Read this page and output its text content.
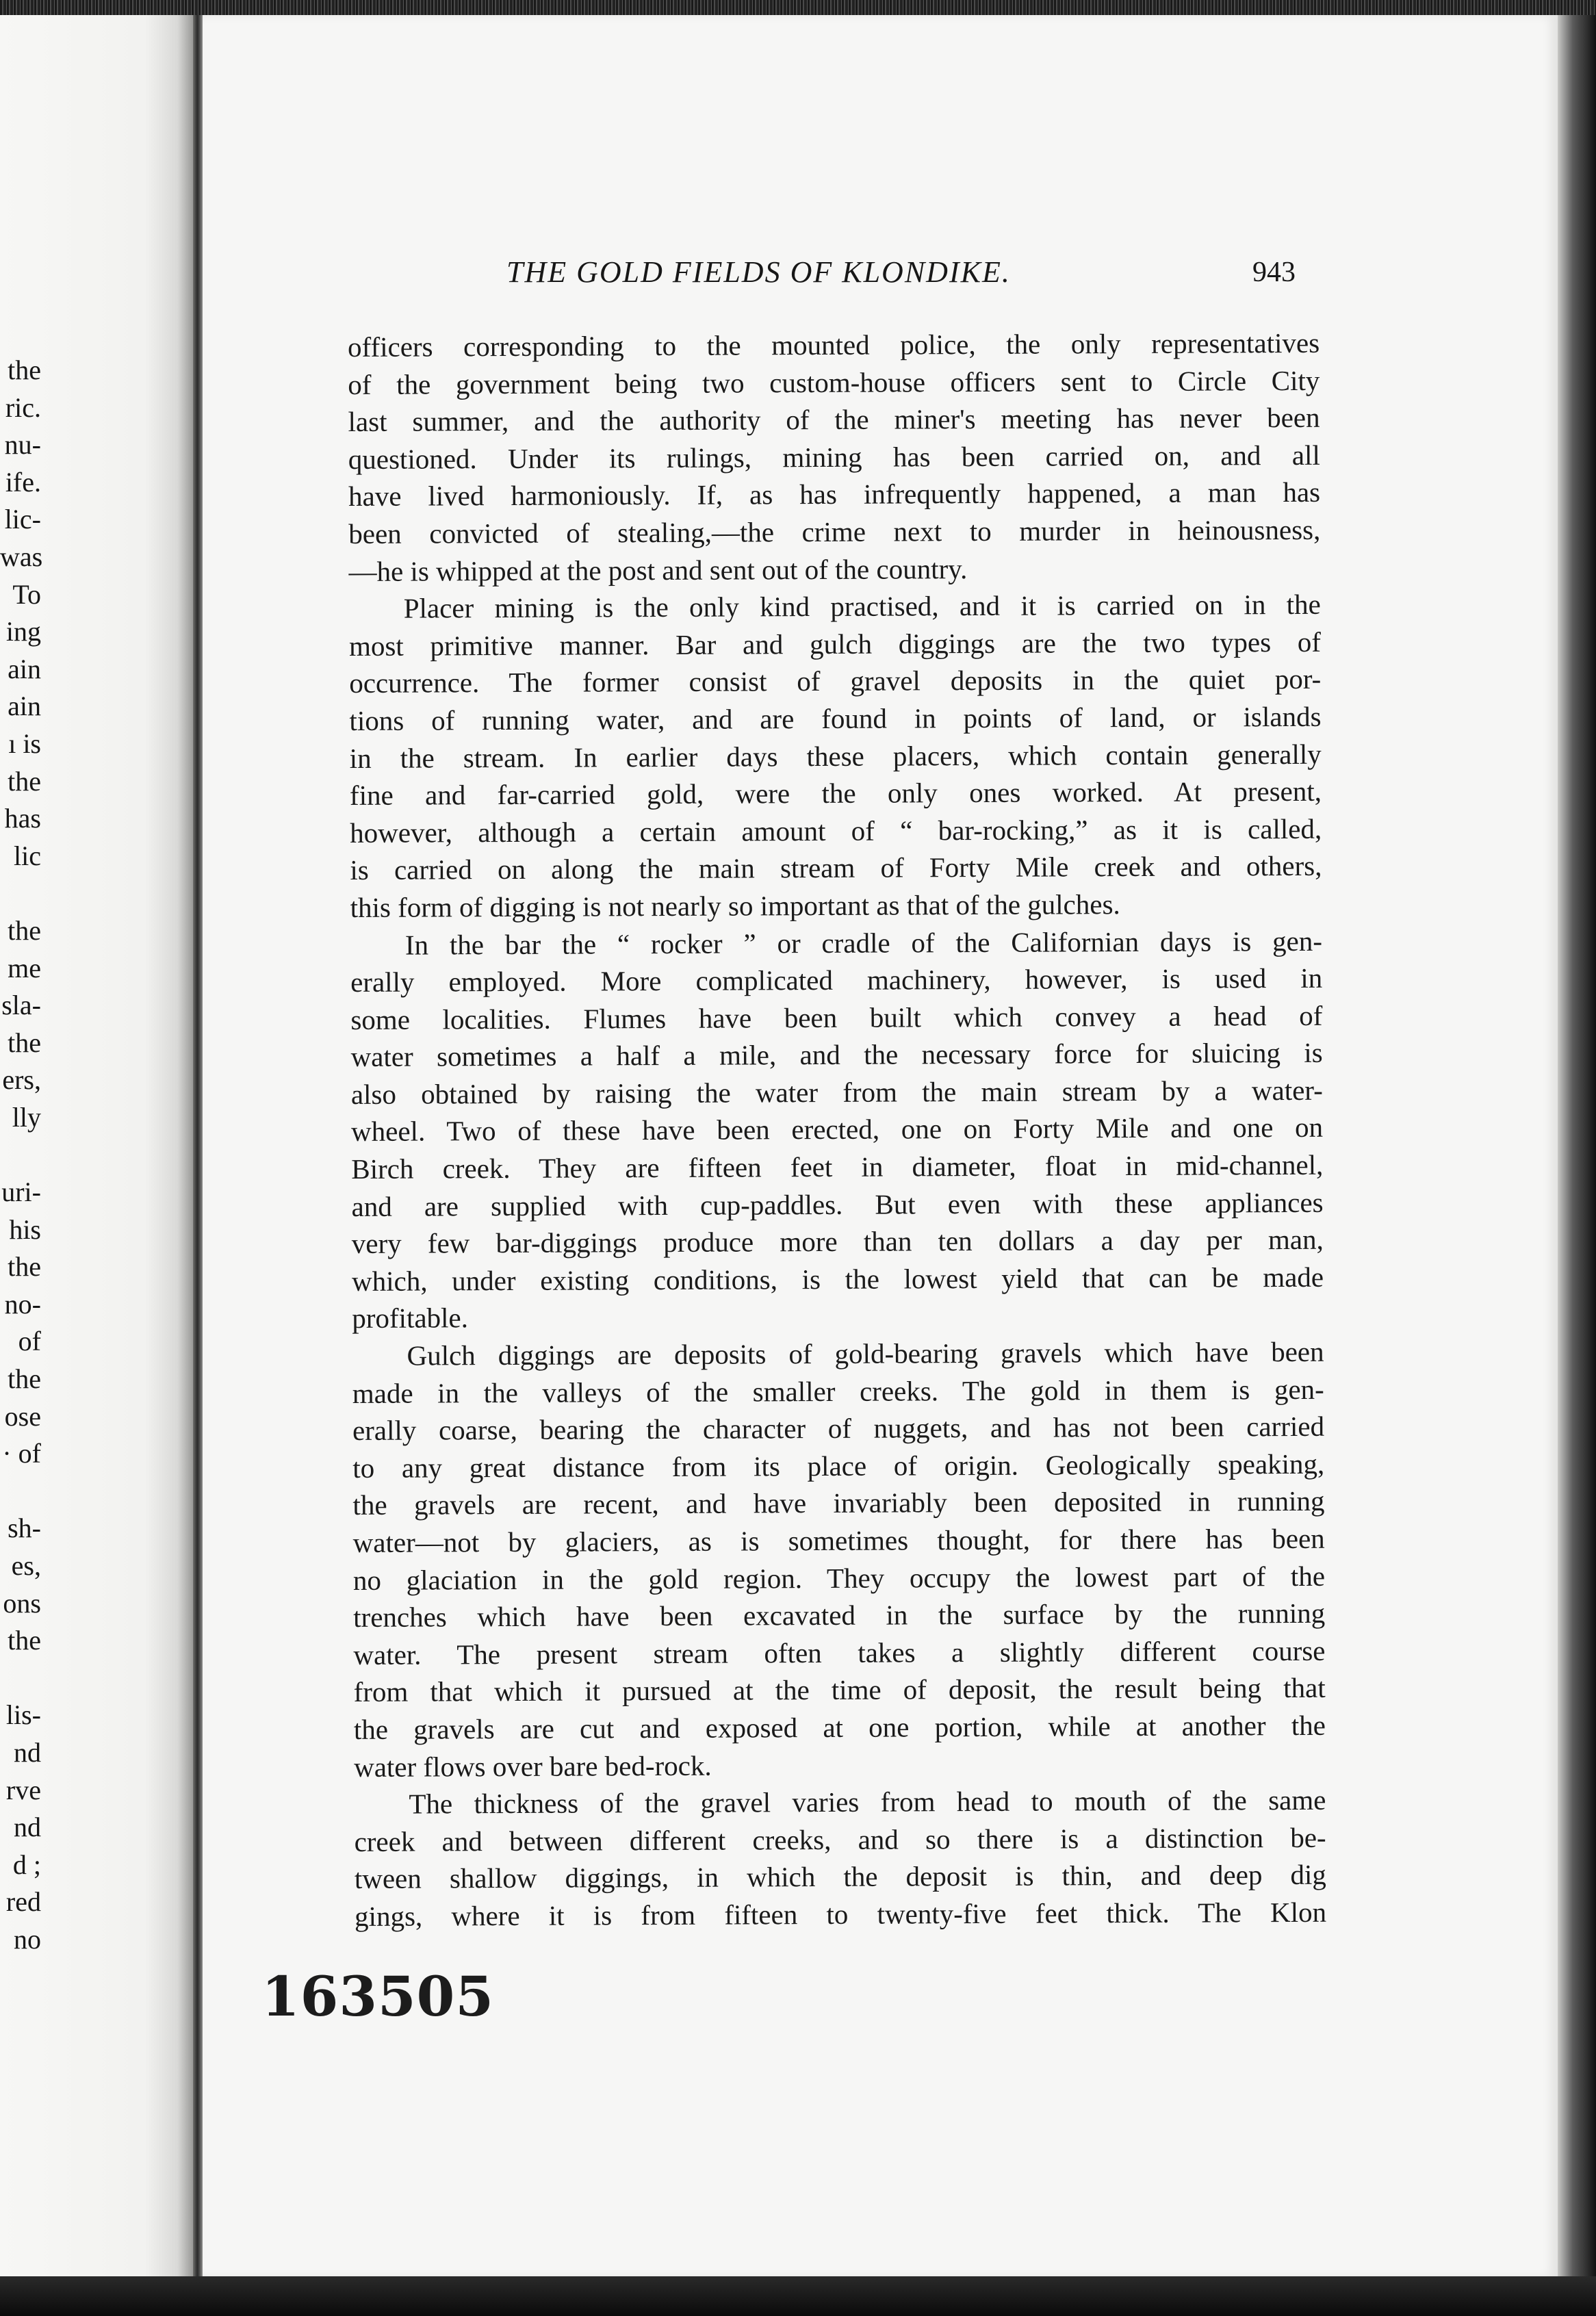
the
ric.
nu-
ife.
lic-
was
To
ing
ain
ain
ı is
the
has
lic
the
me
sla-
the
ers,
lly
uri-
his
the
no-
of
the
ose
· of
sh-
es,
ons
the
lis-
nd
rve
nd
d ;
red
no
THE GOLD FIELDS OF KLONDIKE.	943
officers corresponding to the mounted police, the only representatives
of the government being two custom-house officers sent to Circle City
last summer, and the authority of the miner's meeting has never been
questioned. Under its rulings, mining has been carried on, and all
have lived harmoniously. If, as has infrequently happened, a man has
been convicted of stealing,—the crime next to murder in heinousness,
—he is whipped at the post and sent out of the country.
Placer mining is the only kind practised, and it is carried on in the
most primitive manner. Bar and gulch diggings are the two types of
occurrence. The former consist of gravel deposits in the quiet por-
tions of running water, and are found in points of land, or islands
in the stream. In earlier days these placers, which contain generally
fine and far-carried gold, were the only ones worked. At present,
however, although a certain amount of “ bar-rocking,” as it is called,
is carried on along the main stream of Forty Mile creek and others,
this form of digging is not nearly so important as that of the gulches.
In the bar the “ rocker ” or cradle of the Californian days is gen-
erally employed. More complicated machinery, however, is used in
some localities. Flumes have been built which convey a head of
water sometimes a half a mile, and the necessary force for sluicing is
also obtained by raising the water from the main stream by a water-
wheel. Two of these have been erected, one on Forty Mile and one on
Birch creek. They are fifteen feet in diameter, float in mid-channel,
and are supplied with cup-paddles. But even with these appliances
very few bar-diggings produce more than ten dollars a day per man,
which, under existing conditions, is the lowest yield that can be made
profitable.
Gulch diggings are deposits of gold-bearing gravels which have been
made in the valleys of the smaller creeks. The gold in them is gen-
erally coarse, bearing the character of nuggets, and has not been carried
to any great distance from its place of origin. Geologically speaking,
the gravels are recent, and have invariably been deposited in running
water—not by glaciers, as is sometimes thought, for there has been
no glaciation in the gold region. They occupy the lowest part of the
trenches which have been excavated in the surface by the running
water. The present stream often takes a slightly different course
from that which it pursued at the time of deposit, the result being that
the gravels are cut and exposed at one portion, while at another the
water flows over bare bed-rock.
The thickness of the gravel varies from head to mouth of the same
creek and between different creeks, and so there is a distinction be-
tween shallow diggings, in which the deposit is thin, and deep dig
gings, where it is from fifteen to twenty-five feet thick. The Klon
163505
